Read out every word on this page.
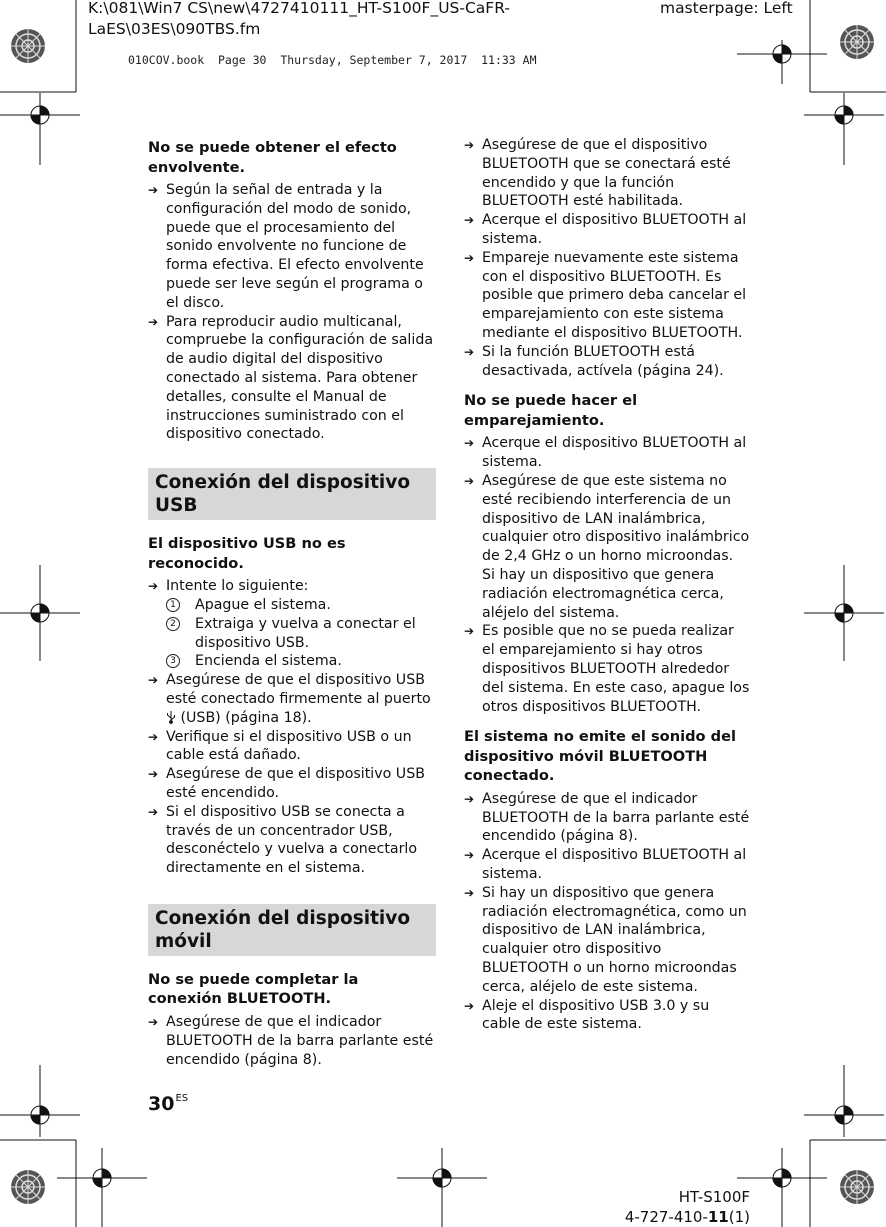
K:\081\Win7 CS\new\4727410111_HT-S100F_US-CaFR-
LaES\03ES\090TBS.fm
masterpage: Left
010COV.book  Page 30  Thursday, September 7, 2017  11:33 AM
No se puede obtener el efecto envolvente.

➔ Según la señal de entrada y la configuración del modo de sonido, puede que el procesamiento del sonido envolvente no funcione de forma efectiva. El efecto envolvente puede ser leve según el programa o el disco.

➔ Para reproducir audio multicanal, compruebe la configuración de salida de audio digital del dispositivo conectado al sistema. Para obtener detalles, consulte el Manual de instrucciones suministrado con el dispositivo conectado.

Conexión del dispositivo USB
El dispositivo USB no es reconocido.

➔ Intente lo siguiente:

1 Apague el sistema.

2 Extraiga y vuelva a conectar el dispositivo USB.

3 Encienda el sistema.

➔ Asegúrese de que el dispositivo USB esté conectado firmemente al puerto  (USB) (página 18).

➔ Verifique si el dispositivo USB o un cable está dañado.

➔ Asegúrese de que el dispositivo USB esté encendido.

➔ Si el dispositivo USB se conecta a través de un concentrador USB, desconéctelo y vuelva a conectarlo directamente en el sistema.

Conexión del dispositivo móvil
No se puede completar la conexión BLUETOOTH.

➔ Asegúrese de que el indicador BLUETOOTH de la barra parlante esté encendido (página 8).

➔ Asegúrese de que el dispositivo BLUETOOTH que se conectará esté encendido y que la función BLUETOOTH esté habilitada.

➔ Acerque el dispositivo BLUETOOTH al sistema.

➔ Empareje nuevamente este sistema con el dispositivo BLUETOOTH. Es posible que primero deba cancelar el emparejamiento con este sistema mediante el dispositivo BLUETOOTH.

➔ Si la función BLUETOOTH está desactivada, actívela (página 24).

No se puede hacer el emparejamiento.

➔ Acerque el dispositivo BLUETOOTH al sistema.

➔ Asegúrese de que este sistema no esté recibiendo interferencia de un dispositivo de LAN inalámbrica, cualquier otro dispositivo inalámbrico de 2,4 GHz o un horno microondas. Si hay un dispositivo que genera radiación electromagnética cerca, aléjelo del sistema.

➔ Es posible que no se pueda realizar el emparejamiento si hay otros dispositivos BLUETOOTH alrededor del sistema. En este caso, apague los otros dispositivos BLUETOOTH.

El sistema no emite el sonido del dispositivo móvil BLUETOOTH conectado.

➔ Asegúrese de que el indicador BLUETOOTH de la barra parlante esté encendido (página 8).

➔ Acerque el dispositivo BLUETOOTH al sistema.

➔ Si hay un dispositivo que genera radiación electromagnética, como un dispositivo de LAN inalámbrica, cualquier otro dispositivo BLUETOOTH o un horno microondas cerca, aléjelo de este sistema.

➔ Aleje el dispositivo USB 3.0 y su cable de este sistema.

$30^{ES}$
HT-S100F
4-727-410-11(1)
